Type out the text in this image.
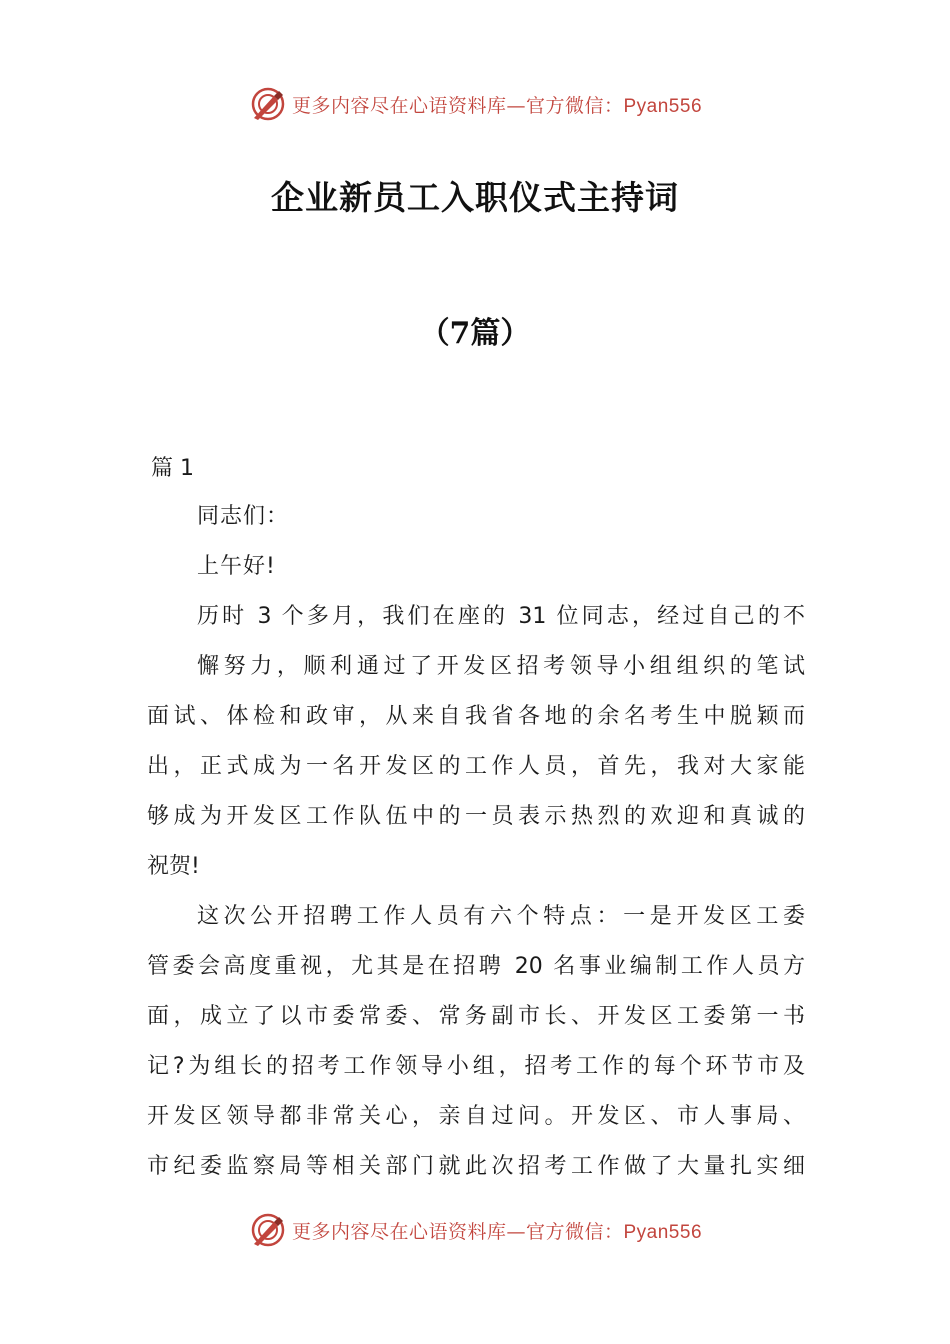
更多内容尽在心语资料库—官方微信：Pyan556
企业新员工入职仪式主持词
（7篇）
篇 1
同志们：
上午好!
历时 3 个多月，我们在座的 31 位同志，经过自己的不
懈努力，顺利通过了开发区招考领导小组组织的笔试
面试、体检和政审，从来自我省各地的余名考生中脱颖而
出，正式成为一名开发区的工作人员，首先，我对大家能
够成为开发区工作队伍中的一员表示热烈的欢迎和真诚的
祝贺!
这次公开招聘工作人员有六个特点：一是开发区工委
管委会高度重视，尤其是在招聘 20 名事业编制工作人员方
面，成立了以市委常委、常务副市长、开发区工委第一书
记?为组长的招考工作领导小组，招考工作的每个环节市及
开发区领导都非常关心，亲自过问。开发区、市人事局、
市纪委监察局等相关部门就此次招考工作做了大量扎实细
更多内容尽在心语资料库—官方微信：Pyan556
